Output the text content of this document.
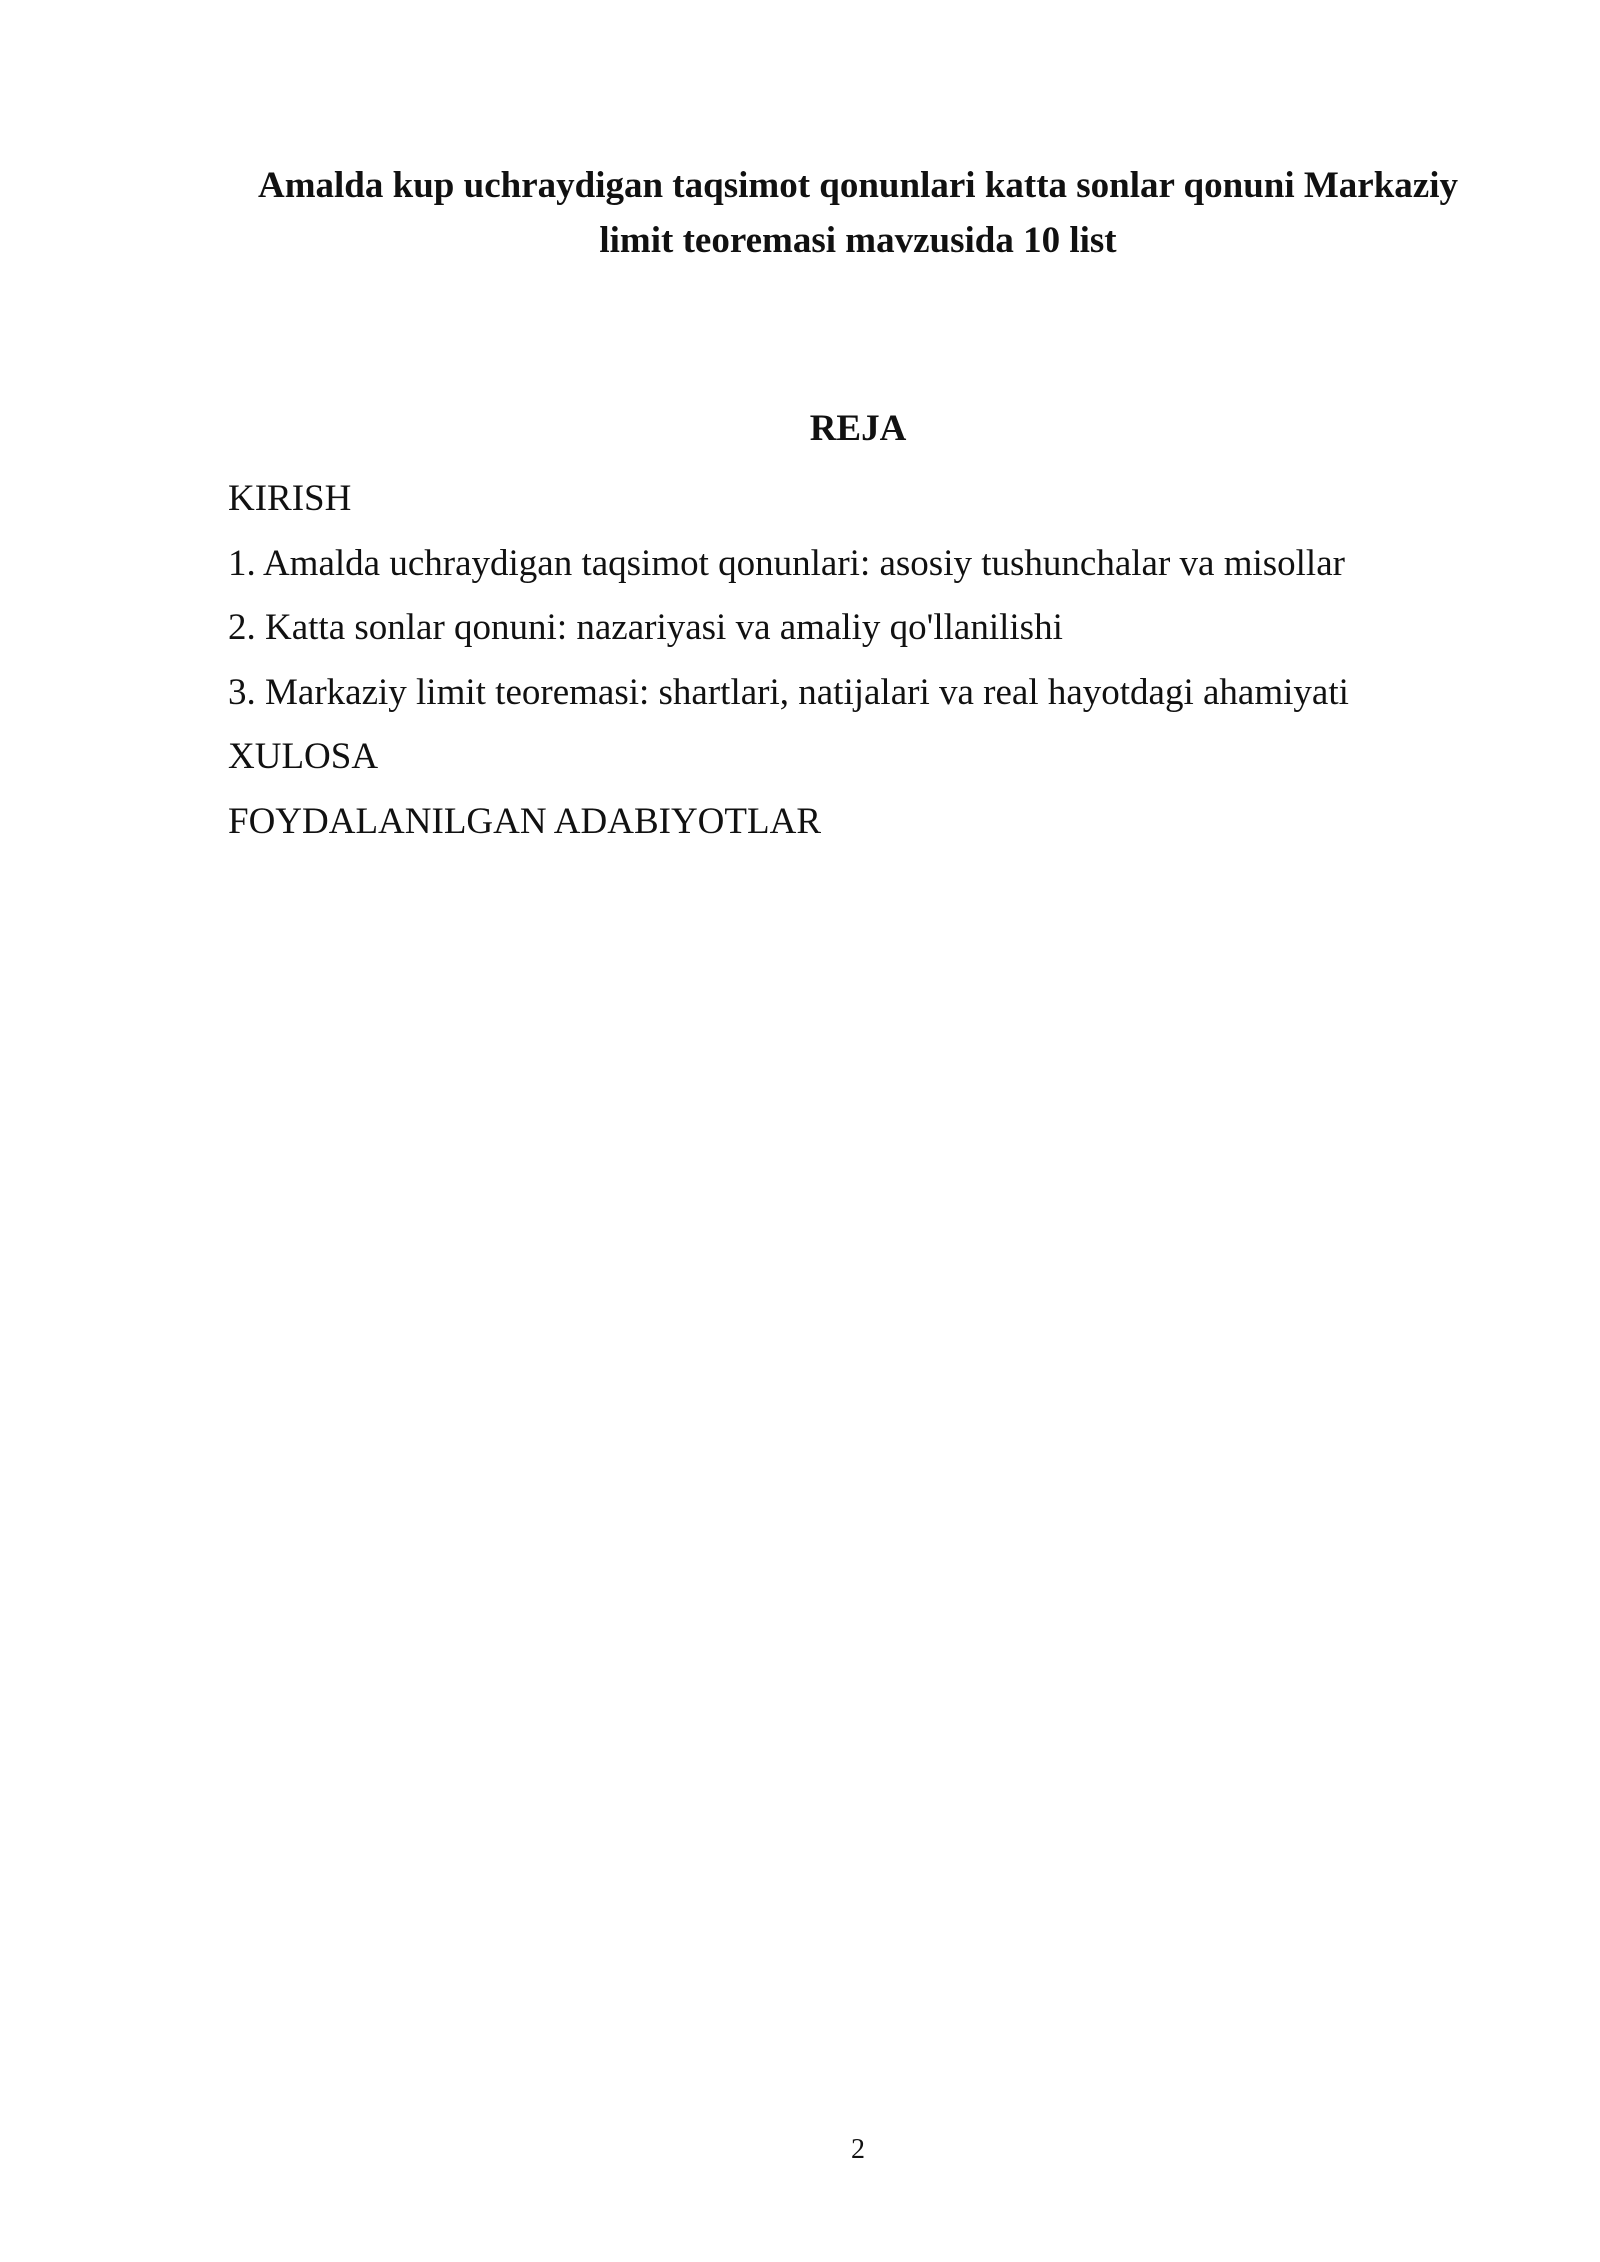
Amalda kup uchraydigan taqsimot qonunlari katta sonlar qonuni Markaziy
limit teoremasi mavzusida 10 list
REJA
KIRISH
1. Amalda uchraydigan taqsimot qonunlari: asosiy tushunchalar va misollar
2. Katta sonlar qonuni: nazariyasi va amaliy qo'llanilishi
3. Markaziy limit teoremasi: shartlari, natijalari va real hayotdagi ahamiyati
XULOSA
FOYDALANILGAN ADABIYOTLAR
2
